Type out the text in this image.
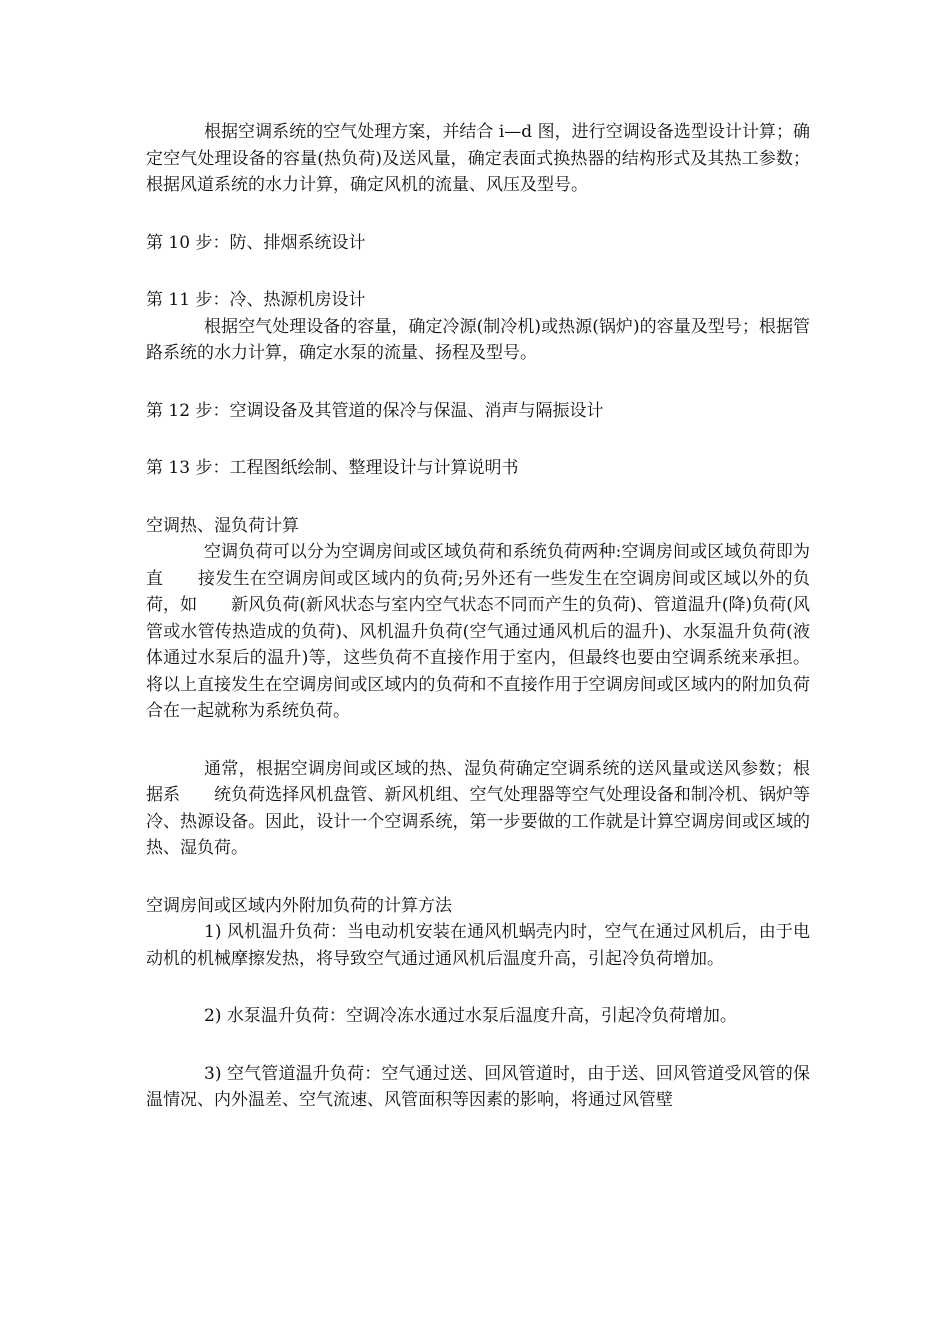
根据空调系统的空气处理方案，并结合 i—d 图，进行空调设备选型设计计算；确定空气处理设备的容量(热负荷)及送风量，确定表面式换热器的结构形式及其热工参数；根据风道系统的水力计算，确定风机的流量、风压及型号。

第 10 步：防、排烟系统设计

第 11 步：冷、热源机房设计

根据空气处理设备的容量，确定冷源(制冷机)或热源(锅炉)的容量及型号；根据管路系统的水力计算，确定水泵的流量、扬程及型号。

第 12 步：空调设备及其管道的保冷与保温、消声与隔振设计

第 13 步：工程图纸绘制、整理设计与计算说明书

空调热、湿负荷计算

空调负荷可以分为空调房间或区域负荷和系统负荷两种:空调房间或区域负荷即为直　　接发生在空调房间或区域内的负荷;另外还有一些发生在空调房间或区域以外的负荷，如　　新风负荷(新风状态与室内空气状态不同而产生的负荷)、管道温升(降)负荷(风管或水管传热造成的负荷)、风机温升负荷(空气通过通风机后的温升)、水泵温升负荷(液体通过水泵后的温升)等，这些负荷不直接作用于室内，但最终也要由空调系统来承担。将以上直接发生在空调房间或区域内的负荷和不直接作用于空调房间或区域内的附加负荷合在一起就称为系统负荷。

通常，根据空调房间或区域的热、湿负荷确定空调系统的送风量或送风参数；根据系　　统负荷选择风机盘管、新风机组、空气处理器等空气处理设备和制冷机、锅炉等冷、热源设备。因此，设计一个空调系统，第一步要做的工作就是计算空调房间或区域的热、湿负荷。

空调房间或区域内外附加负荷的计算方法

1) 风机温升负荷：当电动机安装在通风机蜗壳内时，空气在通过风机后，由于电动机的机械摩擦发热，将导致空气通过通风机后温度升高，引起冷负荷增加。

2) 水泵温升负荷：空调冷冻水通过水泵后温度升高，引起冷负荷增加。

3) 空气管道温升负荷：空气通过送、回风管道时，由于送、回风管道受风管的保温情况、内外温差、空气流速、风管面积等因素的影响，将通过风管壁
